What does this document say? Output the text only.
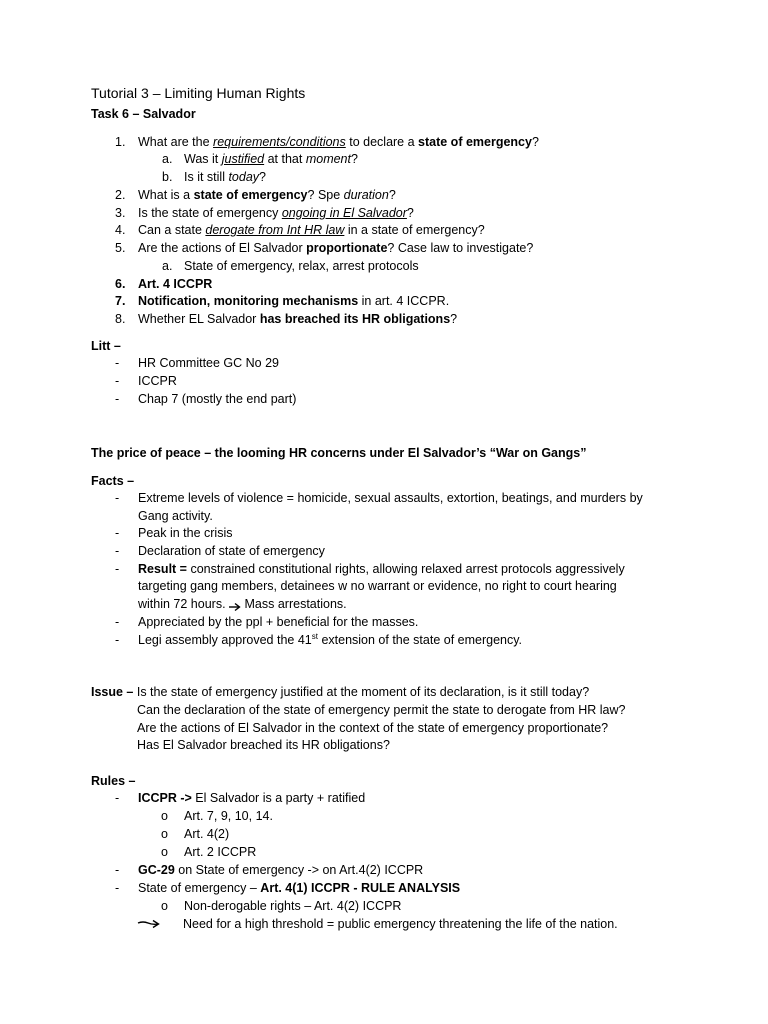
Tutorial 3 – Limiting Human Rights
Task 6 – Salvador
1. What are the requirements/conditions to declare a state of emergency?
a. Was it justified at that moment?
b. Is it still today?
2. What is a state of emergency? Spe duration?
3. Is the state of emergency ongoing in El Salvador?
4. Can a state derogate from Int HR law in a state of emergency?
5. Are the actions of El Salvador proportionate? Case law to investigate?
a. State of emergency, relax, arrest protocols
6. Art. 4 ICCPR
7. Notification, monitoring mechanisms in art. 4 ICCPR.
8. Whether EL Salvador has breached its HR obligations?
Litt –
- HR Committee GC No 29
- ICCPR
- Chap 7 (mostly the end part)
The price of peace – the looming HR concerns under El Salvador’s “War on Gangs”
Facts –
- Extreme levels of violence = homicide, sexual assaults, extortion, beatings, and murders by
Gang activity.
- Peak in the crisis
- Declaration of state of emergency
- Result = constrained constitutional rights, allowing relaxed arrest protocols aggressively
targeting gang members, detainees w no warrant or evidence, no right to court hearing
within 72 hours.  Mass arrestations.
- Appreciated by the ppl + beneficial for the masses.
- Legi assembly approved the 41st extension of the state of emergency.
Issue – Is the state of emergency justified at the moment of its declaration, is it still today?
Can the declaration of the state of emergency permit the state to derogate from HR law?
Are the actions of El Salvador in the context of the state of emergency proportionate?
Has El Salvador breached its HR obligations?
Rules –
- ICCPR -> El Salvador is a party + ratified
o Art. 7, 9, 10, 14.
o Art. 4(2)
o Art. 2 ICCPR
- GC-29 on State of emergency -> on Art.4(2) ICCPR
- State of emergency – Art. 4(1) ICCPR - RULE ANALYSIS
o Non-derogable rights – Art. 4(2) ICCPR
Need for a high threshold = public emergency threatening the life of the nation.
